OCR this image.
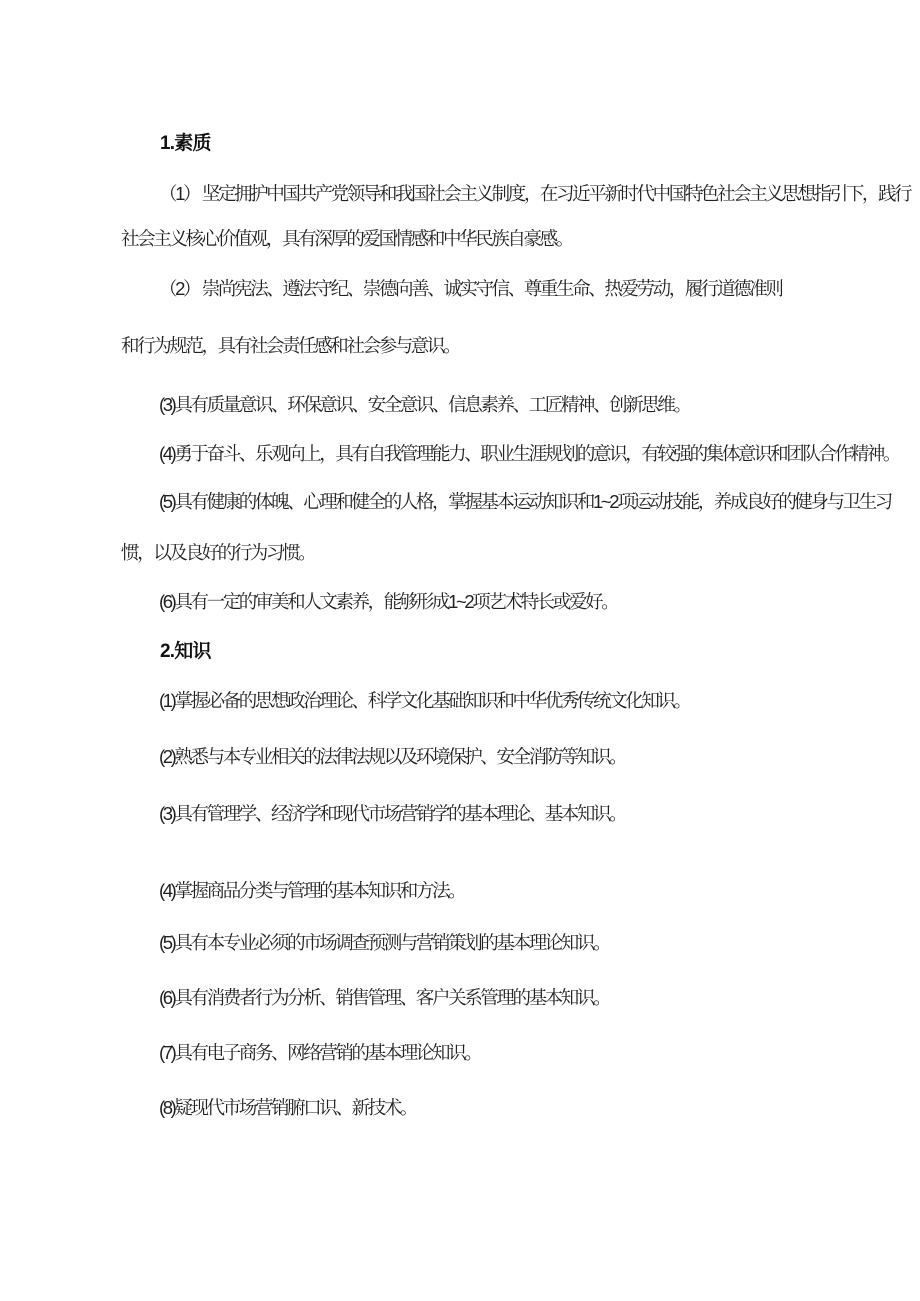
1.素质
（1） 坚定拥护中国共产党领导和我国社会主义制度，在习近平新时代中国特色社会主义思想指引下，践行
社会主义核心价值观，具有深厚的爱国情感和中华民族自豪感。
（2） 崇尚宪法、遵法守纪、崇德向善、诚实守信、尊重生命、热爱劳动，履行道德准则
和行为规范，具有社会责任感和社会参与意识。
(3)具有质量意识、环保意识、安全意识、信息素养、工匠精神、创新思维。
(4)勇于奋斗、乐观向上，具有自我管理能力、职业生涯规划的意识，有较强的集体意识和团队合作精神。
(5)具有健康的体魄、心理和健全的人格，掌握基本运动知识和1~2项运动技能，养成良好的健身与卫生习
惯，以及良好的行为习惯。
(6)具有一定的审美和人文素养，能够形成1~2项艺术特长或爱好。
2.知识
(1)掌握必备的思想政治理论、科学文化基础知识和中华优秀传统文化知识。
(2)熟悉与本专业相关的法律法规以及环境保护、安全消防等知识。
(3)具有管理学、经济学和现代市场营销学的基本理论、基本知识。
(4)掌握商品分类与管理的基本知识和方法。
(5)具有本专业必须的市场调查预测与营销策划的基本理论知识。
(6)具有消费者行为分析、销售管理、客户关系管理的基本知识。
(7)具有电子商务、网络营销的基本理论知识。
(8)疑现代市场营销腑口识、新技术。
